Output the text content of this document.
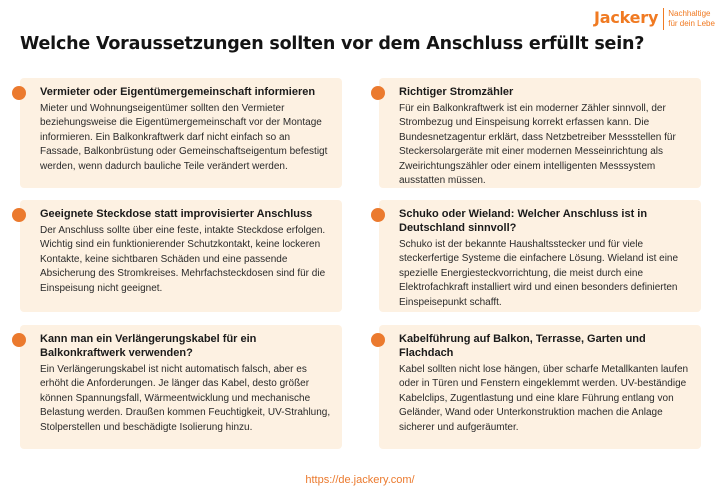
Jackery Nachhaltige
für dein Lebe
Welche Voraussetzungen sollten vor dem Anschluss erfüllt sein?
Vermieter oder Eigentümergemeinschaft informieren

Mieter und Wohnungseigentümer sollten den Vermieter beziehungsweise die Eigentümergemeinschaft vor der Montage informieren. Ein Balkonkraftwerk darf nicht einfach so an Fassade, Balkonbrüstung oder Gemeinschaftseigentum befestigt werden, wenn dadurch bauliche Teile verändert werden.

Richtiger Stromzähler

Für ein Balkonkraftwerk ist ein moderner Zähler sinnvoll, der Strombezug und Einspeisung korrekt erfassen kann. Die Bundesnetzagentur erklärt, dass Netzbetreiber Messstellen für Steckersolargeräte mit einer modernen Messeinrichtung als Zweirichtungszähler oder einem intelligenten Messsystem ausstatten müssen.

Geeignete Steckdose statt improvisierter Anschluss

Der Anschluss sollte über eine feste, intakte Steckdose erfolgen. Wichtig sind ein funktionierender Schutzkontakt, keine lockeren Kontakte, keine sichtbaren Schäden und eine passende Absicherung des Stromkreises. Mehrfachsteckdosen sind für die Einspeisung nicht geeignet.

Schuko oder Wieland: Welcher Anschluss ist in Deutschland sinnvoll?

Schuko ist der bekannte Haushaltsstecker und für viele steckerfertige Systeme die einfachere Lösung. Wieland ist eine spezielle Energiesteckvorrichtung, die meist durch eine Elektrofachkraft installiert wird und einen besonders definierten Einspeisepunkt schafft.

Kann man ein Verlängerungskabel für ein Balkonkraftwerk verwenden?

Ein Verlängerungskabel ist nicht automatisch falsch, aber es erhöht die Anforderungen. Je länger das Kabel, desto größer können Spannungsfall, Wärmeentwicklung und mechanische Belastung werden. Draußen kommen Feuchtigkeit, UV-Strahlung, Stolperstellen und beschädigte Isolierung hinzu.

Kabelführung auf Balkon, Terrasse, Garten und Flachdach

Kabel sollten nicht lose hängen, über scharfe Metallkanten laufen oder in Türen und Fenstern eingeklemmt werden. UV-beständige Kabelclips, Zugentlastung und eine klare Führung entlang von Geländer, Wand oder Unterkonstruktion machen die Anlage sicherer und aufgeräumter.

https://de.jackery.com/
